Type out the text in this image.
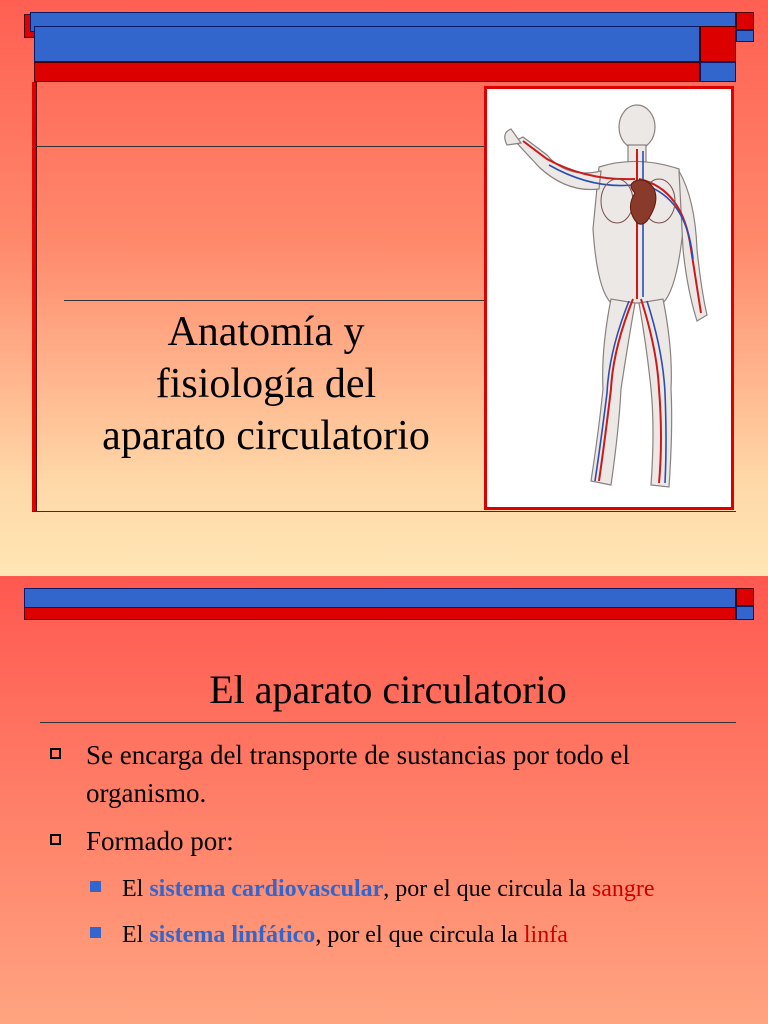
Anatomía y
fisiología del
aparato circulatorio
El aparato circulatorio
Se encarga del transporte de sustancias por todo el organismo.
Formado por:
El sistema cardiovascular, por el que circula la sangre
El sistema linfático, por el que circula la linfa
